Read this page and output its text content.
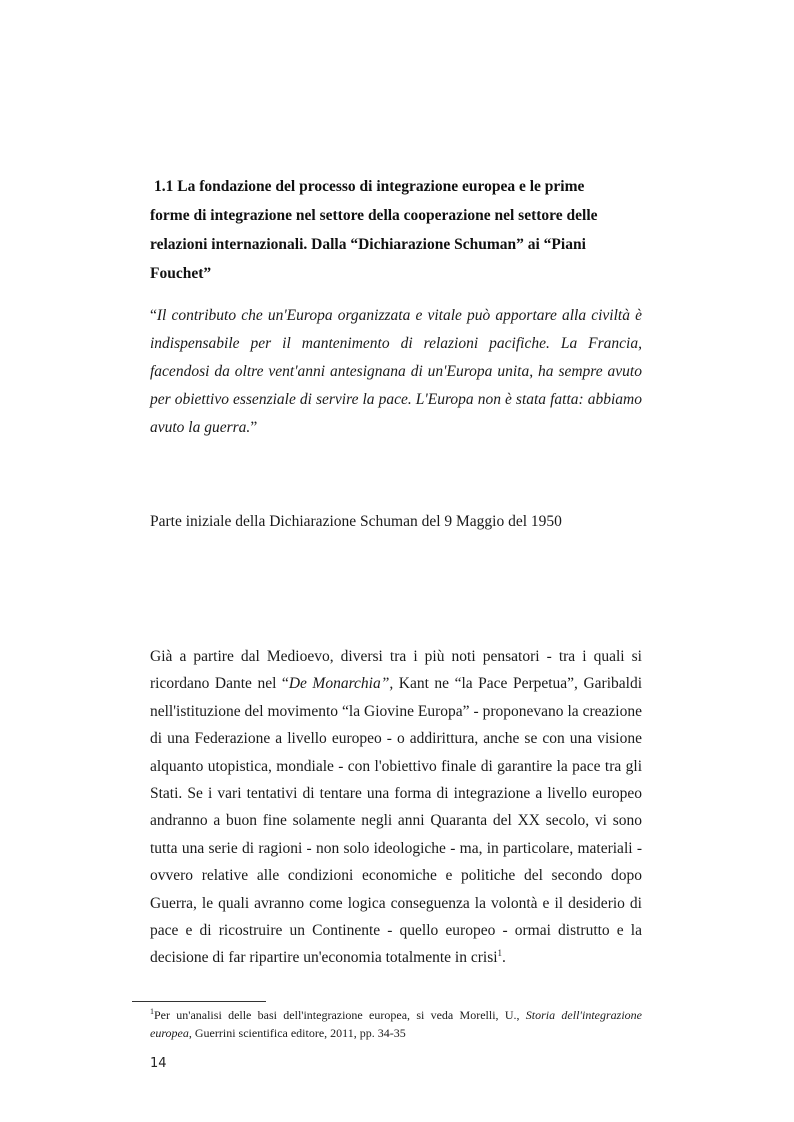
1.1 La fondazione del processo di integrazione europea e le prime
forme di integrazione nel settore della cooperazione nel settore delle
relazioni internazionali. Dalla “Dichiarazione Schuman” ai “Piani
Fouchet”

“Il contributo che un'Europa organizzata e vitale può apportare alla civiltà è indispensabile per il mantenimento di relazioni pacifiche. La Francia, facendosi da oltre vent'anni antesignana di un'Europa unita, ha sempre avuto per obiettivo essenziale di servire la pace. L'Europa non è stata fatta: abbiamo avuto la guerra.”

Parte iniziale della Dichiarazione Schuman del 9 Maggio del 1950

Già a partire dal Medioevo, diversi tra i più noti pensatori - tra i quali si ricordano Dante nel “De Monarchia”, Kant ne “la Pace Perpetua”, Garibaldi nell'istituzione del movimento “la Giovine Europa” - proponevano la creazione di una Federazione a livello europeo - o addirittura, anche se con una visione alquanto utopistica, mondiale - con l'obiettivo finale di garantire la pace tra gli Stati. Se i vari tentativi di tentare una forma di integrazione a livello europeo andranno a buon fine solamente negli anni Quaranta del XX secolo, vi sono tutta una serie di ragioni - non solo ideologiche - ma, in particolare, materiali - ovvero relative alle condizioni economiche e politiche del secondo dopo Guerra, le quali avranno come logica conseguenza la volontà e il desiderio di pace e di ricostruire un Continente - quello europeo - ormai distrutto e la decisione di far ripartire un'economia totalmente in crisi$^1$.

$^1$Per un'analisi delle basi dell'integrazione europea, si veda Morelli, U., Storia dell'integrazione europea, Guerrini scientifica editore, 2011, pp. 34-35

14
